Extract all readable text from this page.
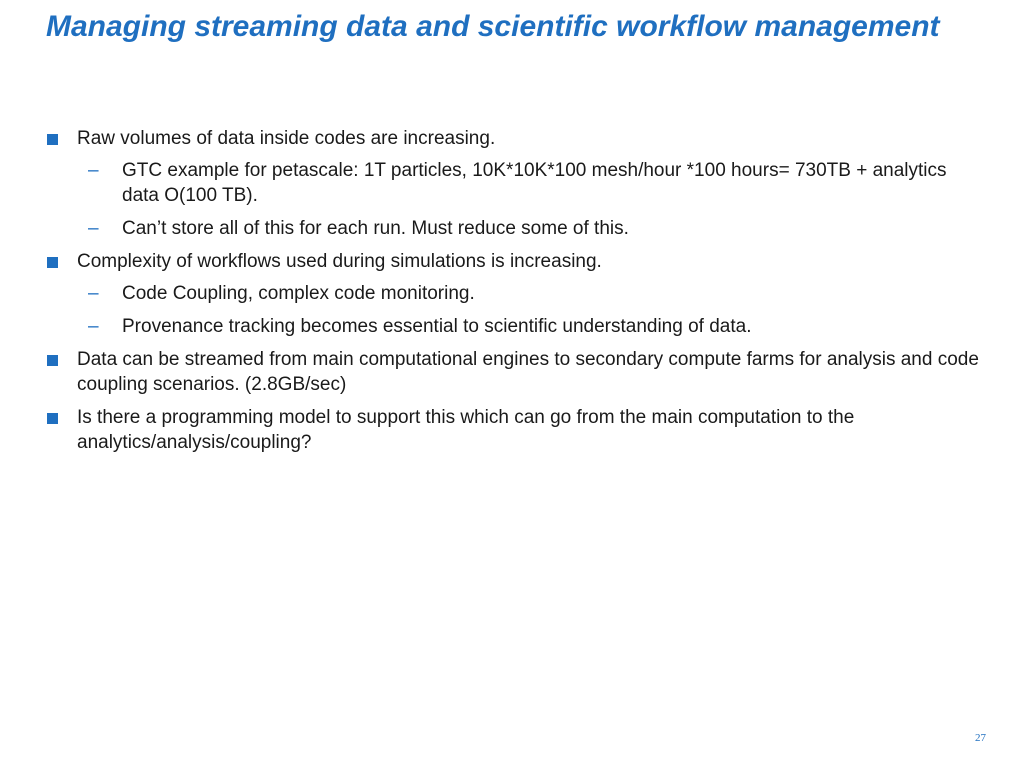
Managing streaming data and scientific workflow management
Raw volumes of data inside codes are increasing.
– GTC example for petascale: 1T particles, 10K*10K*100 mesh/hour *100 hours= 730TB + analytics data O(100 TB).
– Can’t store all of this for each run. Must reduce some of this.
Complexity of workflows used during simulations is increasing.
– Code Coupling, complex code monitoring.
– Provenance tracking becomes essential to scientific understanding of data.
Data can be streamed from main computational engines to secondary compute farms for analysis and code coupling scenarios. (2.8GB/sec)
Is there a programming model to support this which can go from the main computation to the analytics/analysis/coupling?
27
